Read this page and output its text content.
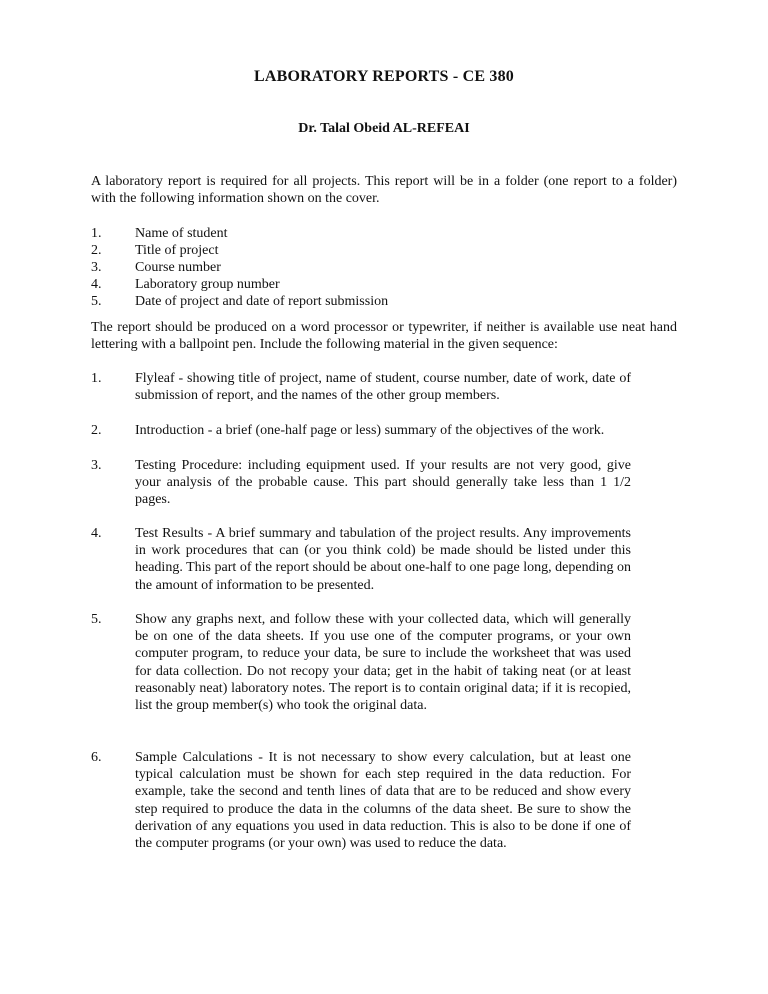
LABORATORY REPORTS - CE 380
Dr. Talal Obeid AL-REFEAI
A laboratory report is required for all projects. This report will be in a folder (one report to a folder) with the following information shown on the cover.
1. Name of student
2. Title of project
3. Course number
4. Laboratory group number
5. Date of project and date of report submission
The report should be produced on a word processor or typewriter, if neither is available use neat hand lettering with a ballpoint pen. Include the following material in the given sequence:
1. Flyleaf - showing title of project, name of student, course number, date of work, date of submission of report, and the names of the other group members.
2. Introduction - a brief (one-half page or less) summary of the objectives of the work.
3. Testing Procedure: including equipment used. If your results are not very good, give your analysis of the probable cause. This part should generally take less than 1 1/2 pages.
4. Test Results - A brief summary and tabulation of the project results. Any improvements in work procedures that can (or you think cold) be made should be listed under this heading. This part of the report should be about one-half to one page long, depending on the amount of information to be presented.
5. Show any graphs next, and follow these with your collected data, which will generally be on one of the data sheets. If you use one of the computer programs, or your own computer program, to reduce your data, be sure to include the worksheet that was used for data collection. Do not recopy your data; get in the habit of taking neat (or at least reasonably neat) laboratory notes. The report is to contain original data; if it is recopied, list the group member(s) who took the original data.
6. Sample Calculations - It is not necessary to show every calculation, but at least one typical calculation must be shown for each step required in the data reduction. For example, take the second and tenth lines of data that are to be reduced and show every step required to produce the data in the columns of the data sheet. Be sure to show the derivation of any equations you used in data reduction. This is also to be done if one of the computer programs (or your own) was used to reduce the data.
